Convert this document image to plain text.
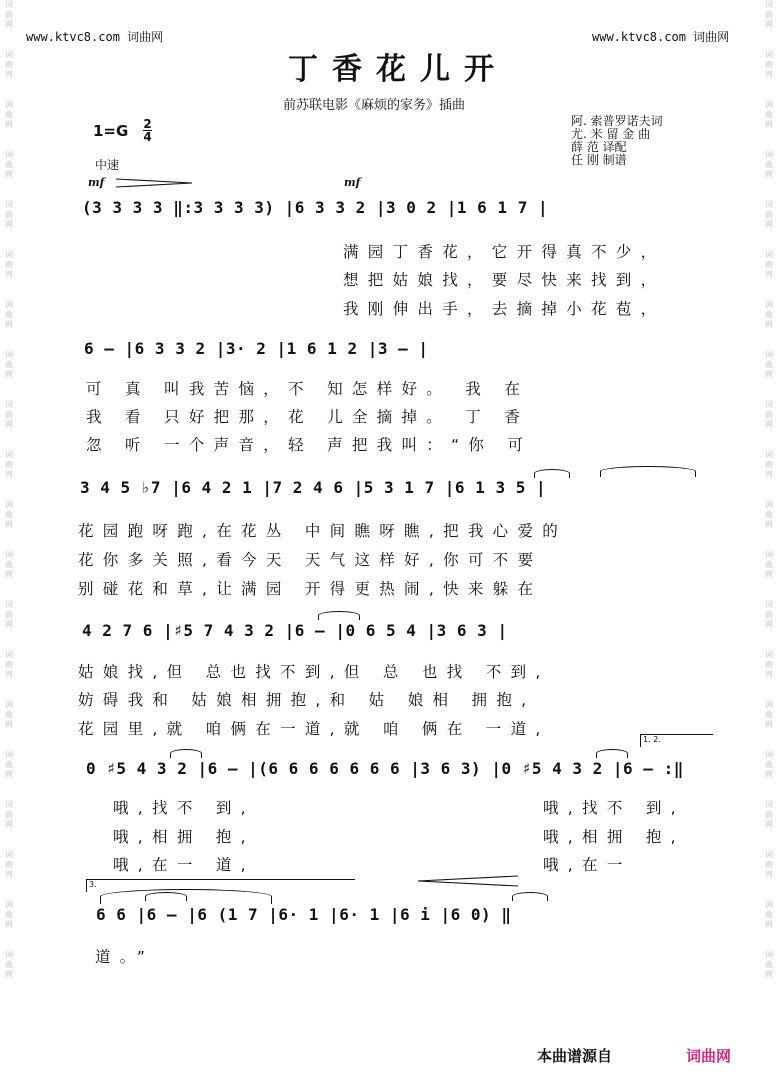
词
曲
网
词
曲
网
词
曲
网
词
曲
网
词
曲
网
词
曲
网
词
曲
网
词
曲
网
词
曲
网
词
曲
网
词
曲
网
词
曲
网
词
曲
网
词
曲
网
词
曲
网
词
曲
网
词
曲
网
词
曲
网
词
曲
网
词
曲
网
词
曲
网
词
曲
网
词
曲
网
词
曲
网
词
曲
网
词
曲
网
词
曲
网
词
曲
网
词
曲
网
词
曲
网
词
曲
网
词
曲
网
词
曲
网
词
曲
网
词
曲
网
词
曲
网
词
曲
网
词
曲
网
词
曲
网
词
曲
网
www.ktvc8.com 词曲网	www.ktvc8.com 词曲网
丁香花儿开
前苏联电影《麻烦的家务》插曲
1=G 2
4
中速
阿. 索普罗诺夫词
尤. 米 留 金 曲
薛 范 译配
任 刚 制谱
mf	mf
(3 3 3 3 ‖:3 3 3 3) |6 3 3 2 |3 0 2 |1 6 1 7 |
满园丁香花，它开得真不少，
想把姑娘找，要尽快来找到，
我刚伸出手，去摘掉小花苞，
6 – |6 3 3 2 |3· 2 |1 6 1 2 |3 – |
可 真 叫我苦恼，不 知怎样好。 我 在
我 看 只好把那，花 儿全摘掉。 丁 香
忽 听 一个声音，轻 声把我叫：“你 可
3 4 5 ♭7 |6 4 2 1 |7 2 4 6 |5 3 1 7 |6 1 3 5 |
花园跑呀跑,在花丛 中间瞧呀瞧,把我心爱的
花你多关照,看今天 天气这样好,你可不要
别碰花和草,让满园 开得更热闹,快来躲在
4 2 7 6 |♯5 7 4 3 2 |6 – |0 6 5 4 |3 6 3 |
姑娘找,但 总也找不到,但 总 也找 不到,
妨碍我和 姑娘相拥抱,和 姑 娘相 拥抱,
花园里,就 咱俩在一道,就 咱 俩在 一道,
1. 2.
0 ♯5 4 3 2 |6 – |(6 6 6 6 6 6 6 |3 6 3) |0 ♯5 4 3 2 |6 – :‖
哦,找不 到,
哦,相拥 抱,
哦,在一 道,
哦,找不 到,
哦,相拥 抱,
哦,在一
3.
6 6 |6 – |6 (1 7 |6· 1 |6· 1 |6 i |6 0) ‖
道。”
本曲谱源自	词曲网
